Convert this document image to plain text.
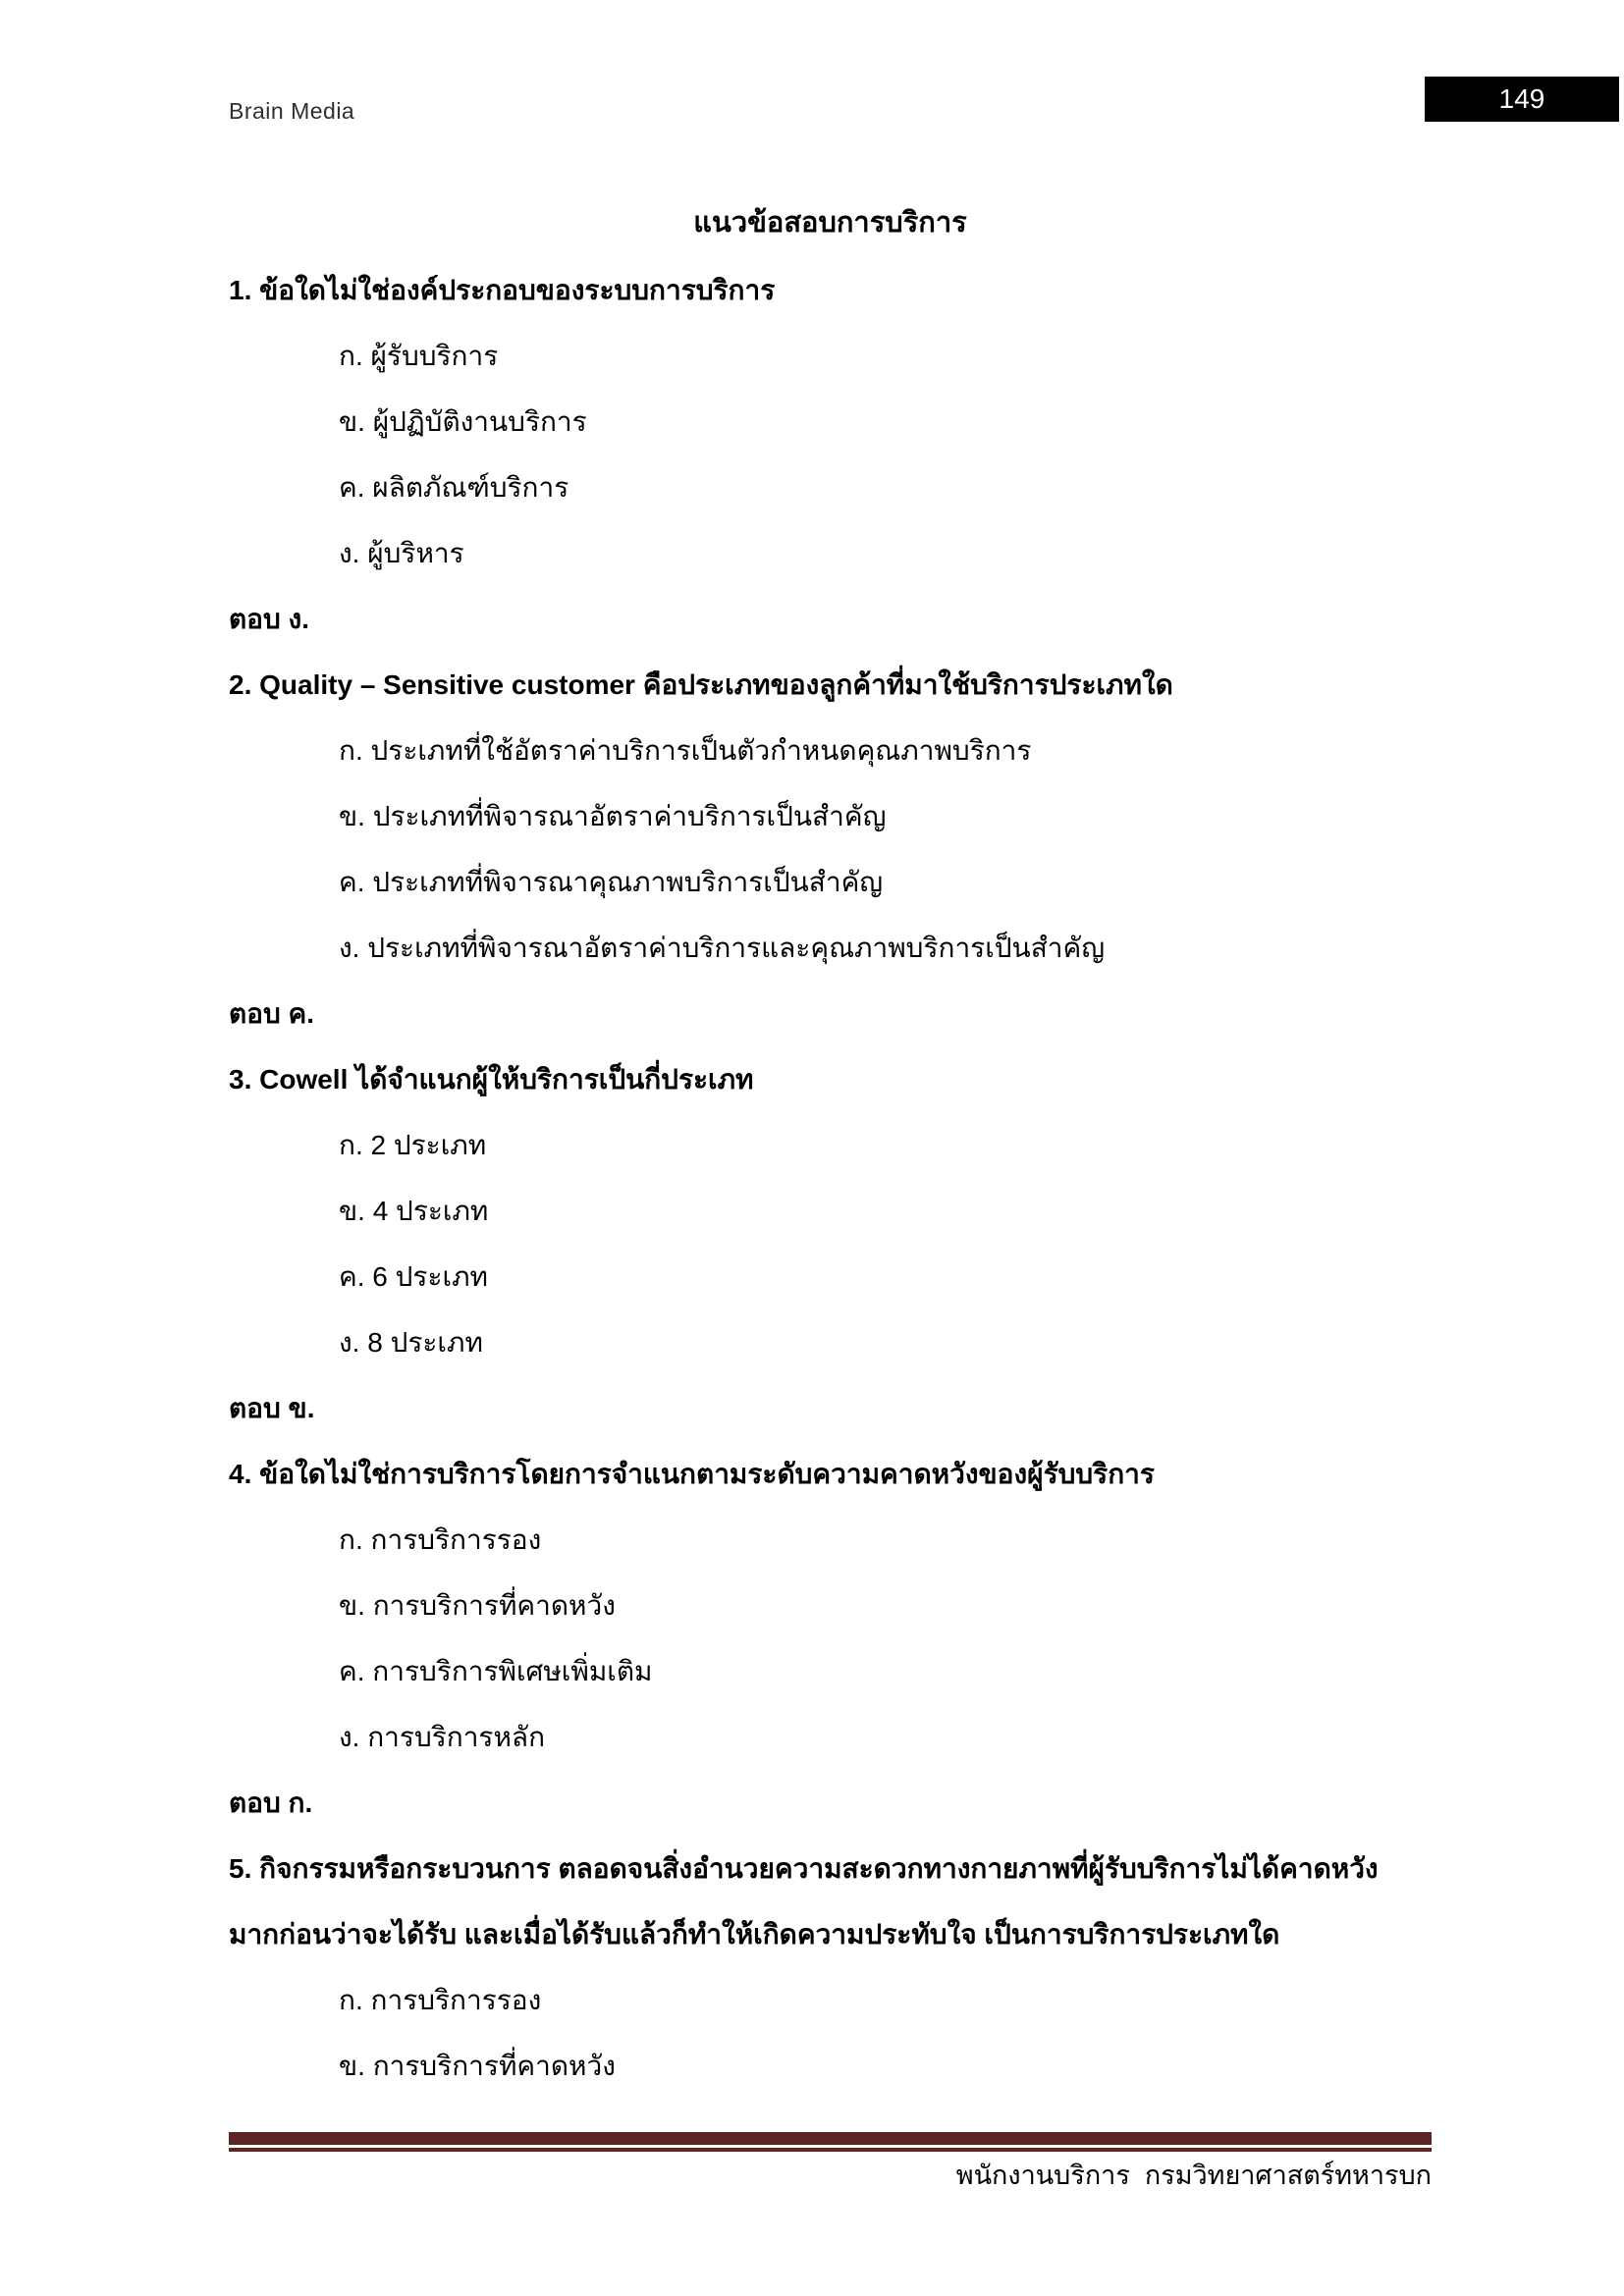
Brain Media	149
แนวข้อสอบการบริการ
1. ข้อใดไม่ใช่องค์ประกอบของระบบการบริการ
ก. ผู้รับบริการ
ข. ผู้ปฏิบัติงานบริการ
ค. ผลิตภัณฑ์บริการ
ง. ผู้บริหาร
ตอบ ง.
2. Quality – Sensitive customer คือประเภทของลูกค้าที่มาใช้บริการประเภทใด
ก. ประเภทที่ใช้อัตราค่าบริการเป็นตัวกำหนดคุณภาพบริการ
ข. ประเภทที่พิจารณาอัตราค่าบริการเป็นสำคัญ
ค. ประเภทที่พิจารณาคุณภาพบริการเป็นสำคัญ
ง. ประเภทที่พิจารณาอัตราค่าบริการและคุณภาพบริการเป็นสำคัญ
ตอบ ค.
3. Cowell ได้จำแนกผู้ให้บริการเป็นกี่ประเภท
ก. 2 ประเภท
ข. 4 ประเภท
ค. 6 ประเภท
ง. 8 ประเภท
ตอบ ข.
4. ข้อใดไม่ใช่การบริการโดยการจำแนกตามระดับความคาดหวังของผู้รับบริการ
ก. การบริการรอง
ข. การบริการที่คาดหวัง
ค. การบริการพิเศษเพิ่มเติม
ง. การบริการหลัก
ตอบ ก.
5. กิจกรรมหรือกระบวนการ ตลอดจนสิ่งอำนวยความสะดวกทางกายภาพที่ผู้รับบริการไม่ได้คาดหวัง
มากก่อนว่าจะได้รับ และเมื่อได้รับแล้วก็ทำให้เกิดความประทับใจ เป็นการบริการประเภทใด
ก. การบริการรอง
ข. การบริการที่คาดหวัง
พนักงานบริการ  กรมวิทยาศาสตร์ทหารบก
